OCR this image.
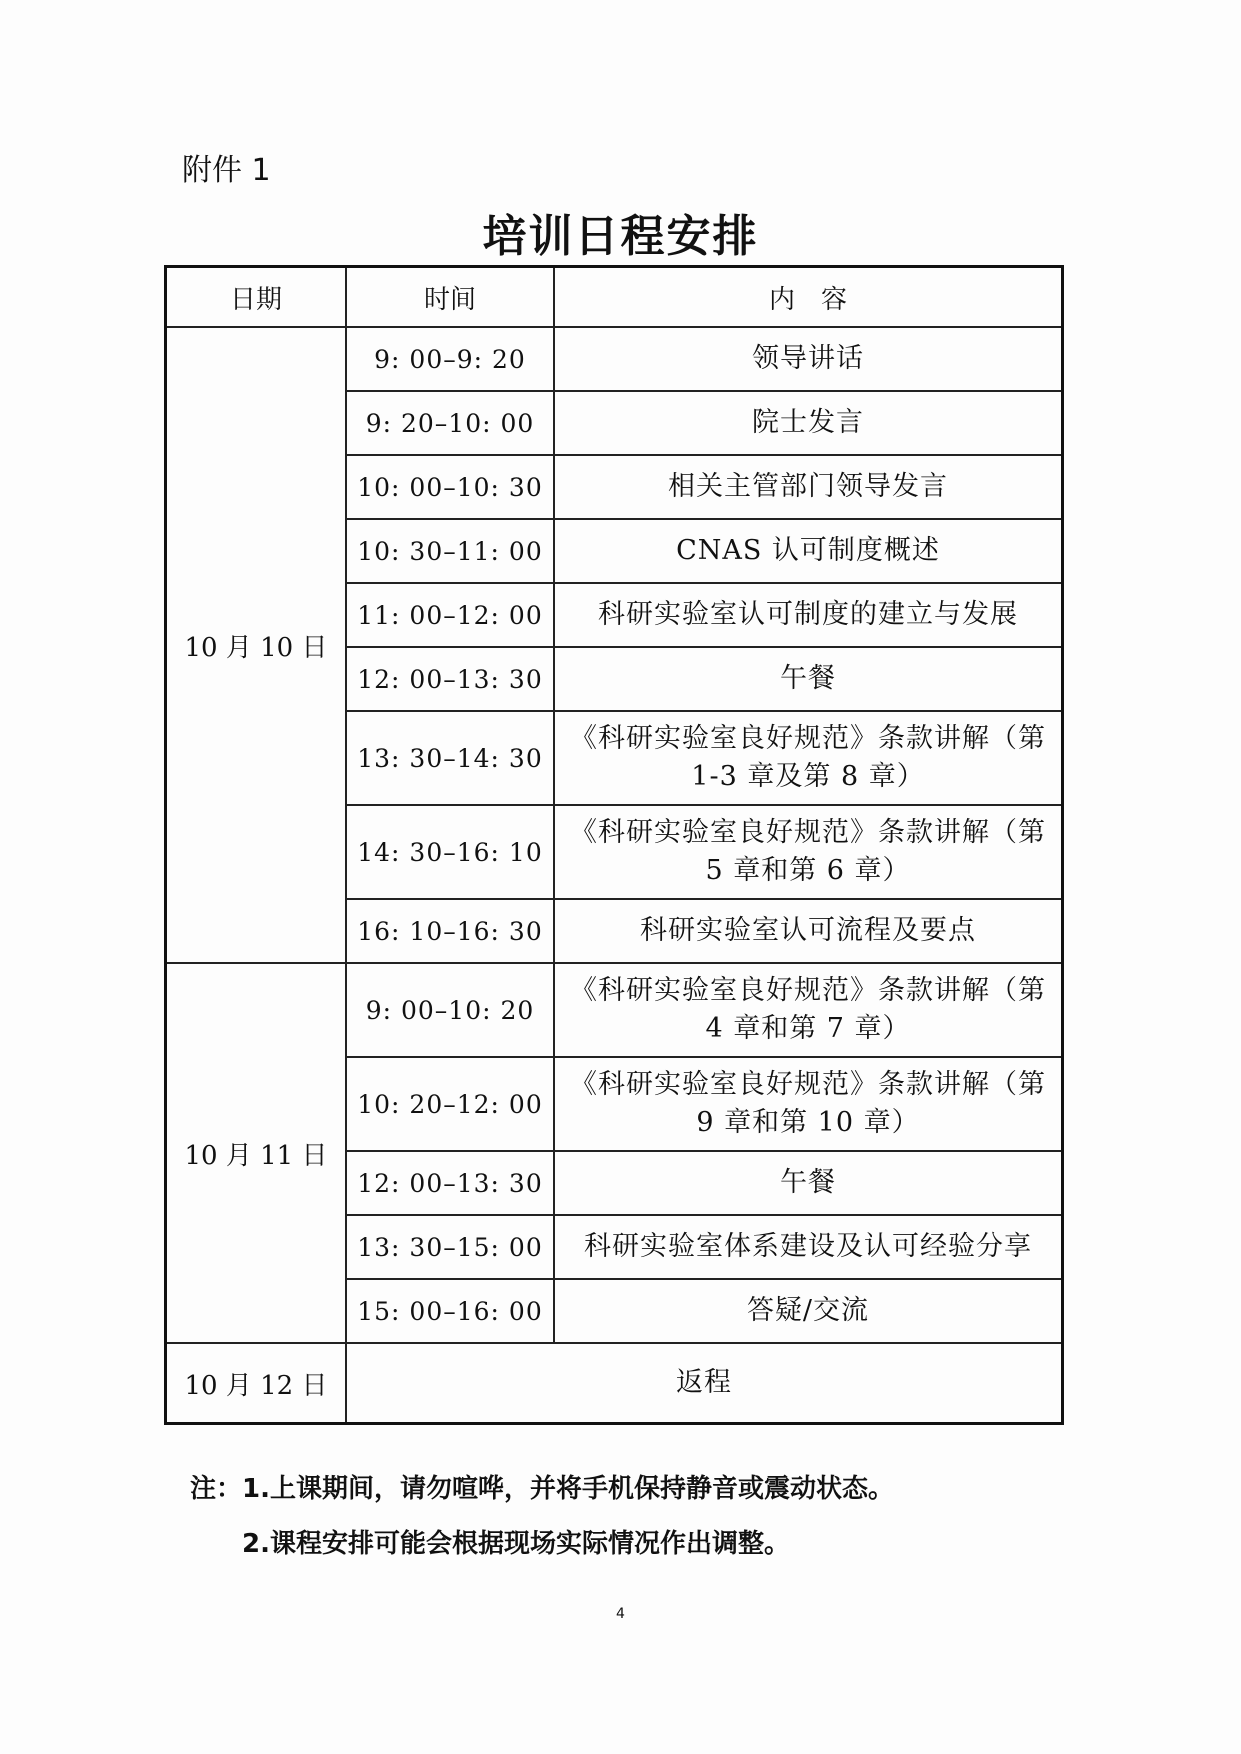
附件 1
培训日程安排
日期	时间	内　容
10 月 10 日	9: 00–9: 20	领导讲话
	9: 20–10: 00	院士发言
	10: 00–10: 30	相关主管部门领导发言
	10: 30–11: 00	CNAS 认可制度概述
	11: 00–12: 00	科研实验室认可制度的建立与发展
	12: 00–13: 30	午餐
	13: 30–14: 30	《科研实验室良好规范》条款讲解（第 1-3 章及第 8 章）
	14: 30–16: 10	《科研实验室良好规范》条款讲解（第 5 章和第 6 章）
	16: 10–16: 30	科研实验室认可流程及要点
10 月 11 日	9: 00–10: 20	《科研实验室良好规范》条款讲解（第 4 章和第 7 章）
	10: 20–12: 00	《科研实验室良好规范》条款讲解（第 9 章和第 10 章）
	12: 00–13: 30	午餐
	13: 30–15: 00	科研实验室体系建设及认可经验分享
	15: 00–16: 00	答疑/交流
10 月 12 日	返程	

注：1.上课期间，请勿喧哗，并将手机保持静音或震动状态。

2.课程安排可能会根据现场实际情况作出调整。

4
